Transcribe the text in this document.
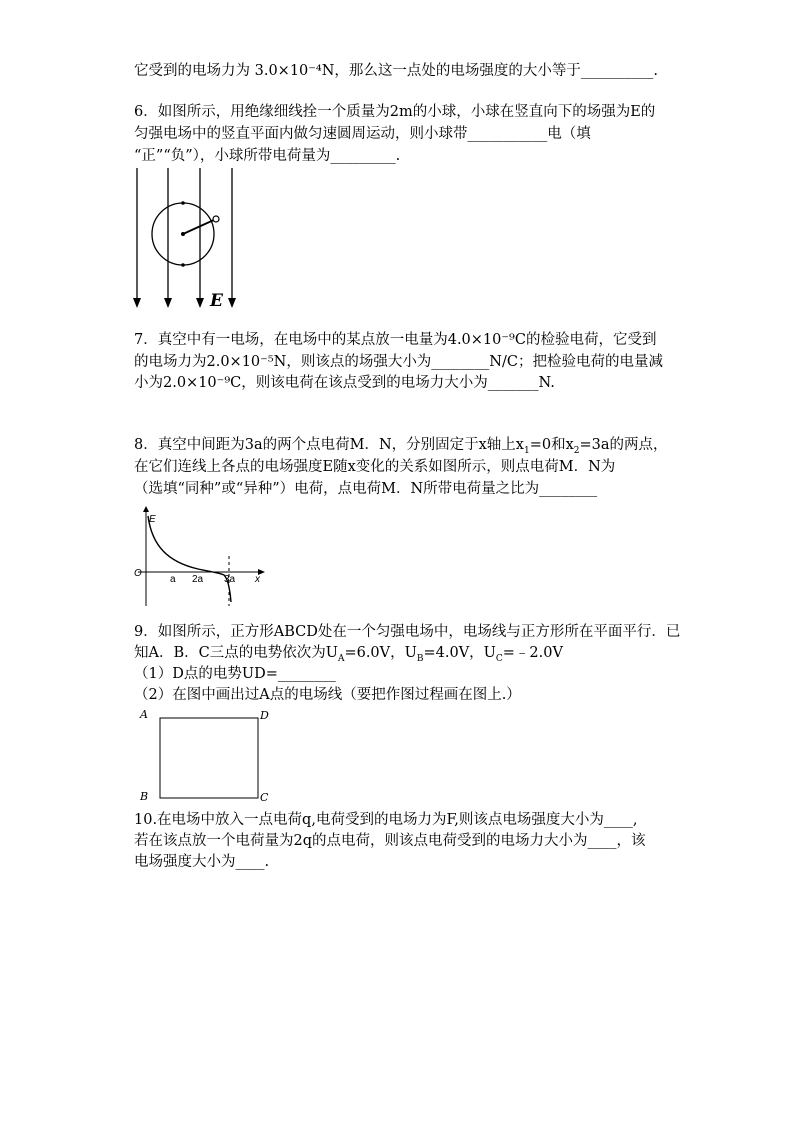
它受到的电场力为 3.0×10⁻⁴N，那么这一点处的电场强度的大小等于__________.
6．如图所示，用绝缘细线拴一个质量为2m的小球，小球在竖直向下的场强为E的
匀强电场中的竖直平面内做匀速圆周运动，则小球带___________电（填
“正”“负”），小球所带电荷量为_________.
E
7．真空中有一电场，在电场中的某点放一电量为4.0×10⁻⁹C的检验电荷，它受到
的电场力为2.0×10⁻⁵N，则该点的场强大小为________N/C；把检验电荷的电量减
小为2.0×10⁻⁹C，则该电荷在该点受到的电场力大小为_______N.
8．真空中间距为3a的两个点电荷M．N，分别固定于x轴上$x_1=0$和$x_2=3a$的两点，
在它们连线上各点的电场强度E随x变化的关系如图所示，则点电荷M．N为
（选填“同种”或“异种”）电荷，点电荷M．N所带电荷量之比为________
E
O
x
a 2a 3a
9．如图所示，正方形ABCD处在一个匀强电场中，电场线与正方形所在平面平行．已
知A．B．C三点的电势依次为$U_A=6.0V$，$U_B=4.0V$，$U_C=﹣2.0V$
（1）D点的电势UD=________
（2）在图中画出过A点的电场线（要把作图过程画在图上.）
A	D
B	C
10.在电场中放入一点电荷q,电荷受到的电场力为F,则该点电场强度大小为____,
若在该点放一个电荷量为2q的点电荷，则该点电荷受到的电场力大小为____，该
电场强度大小为____.
